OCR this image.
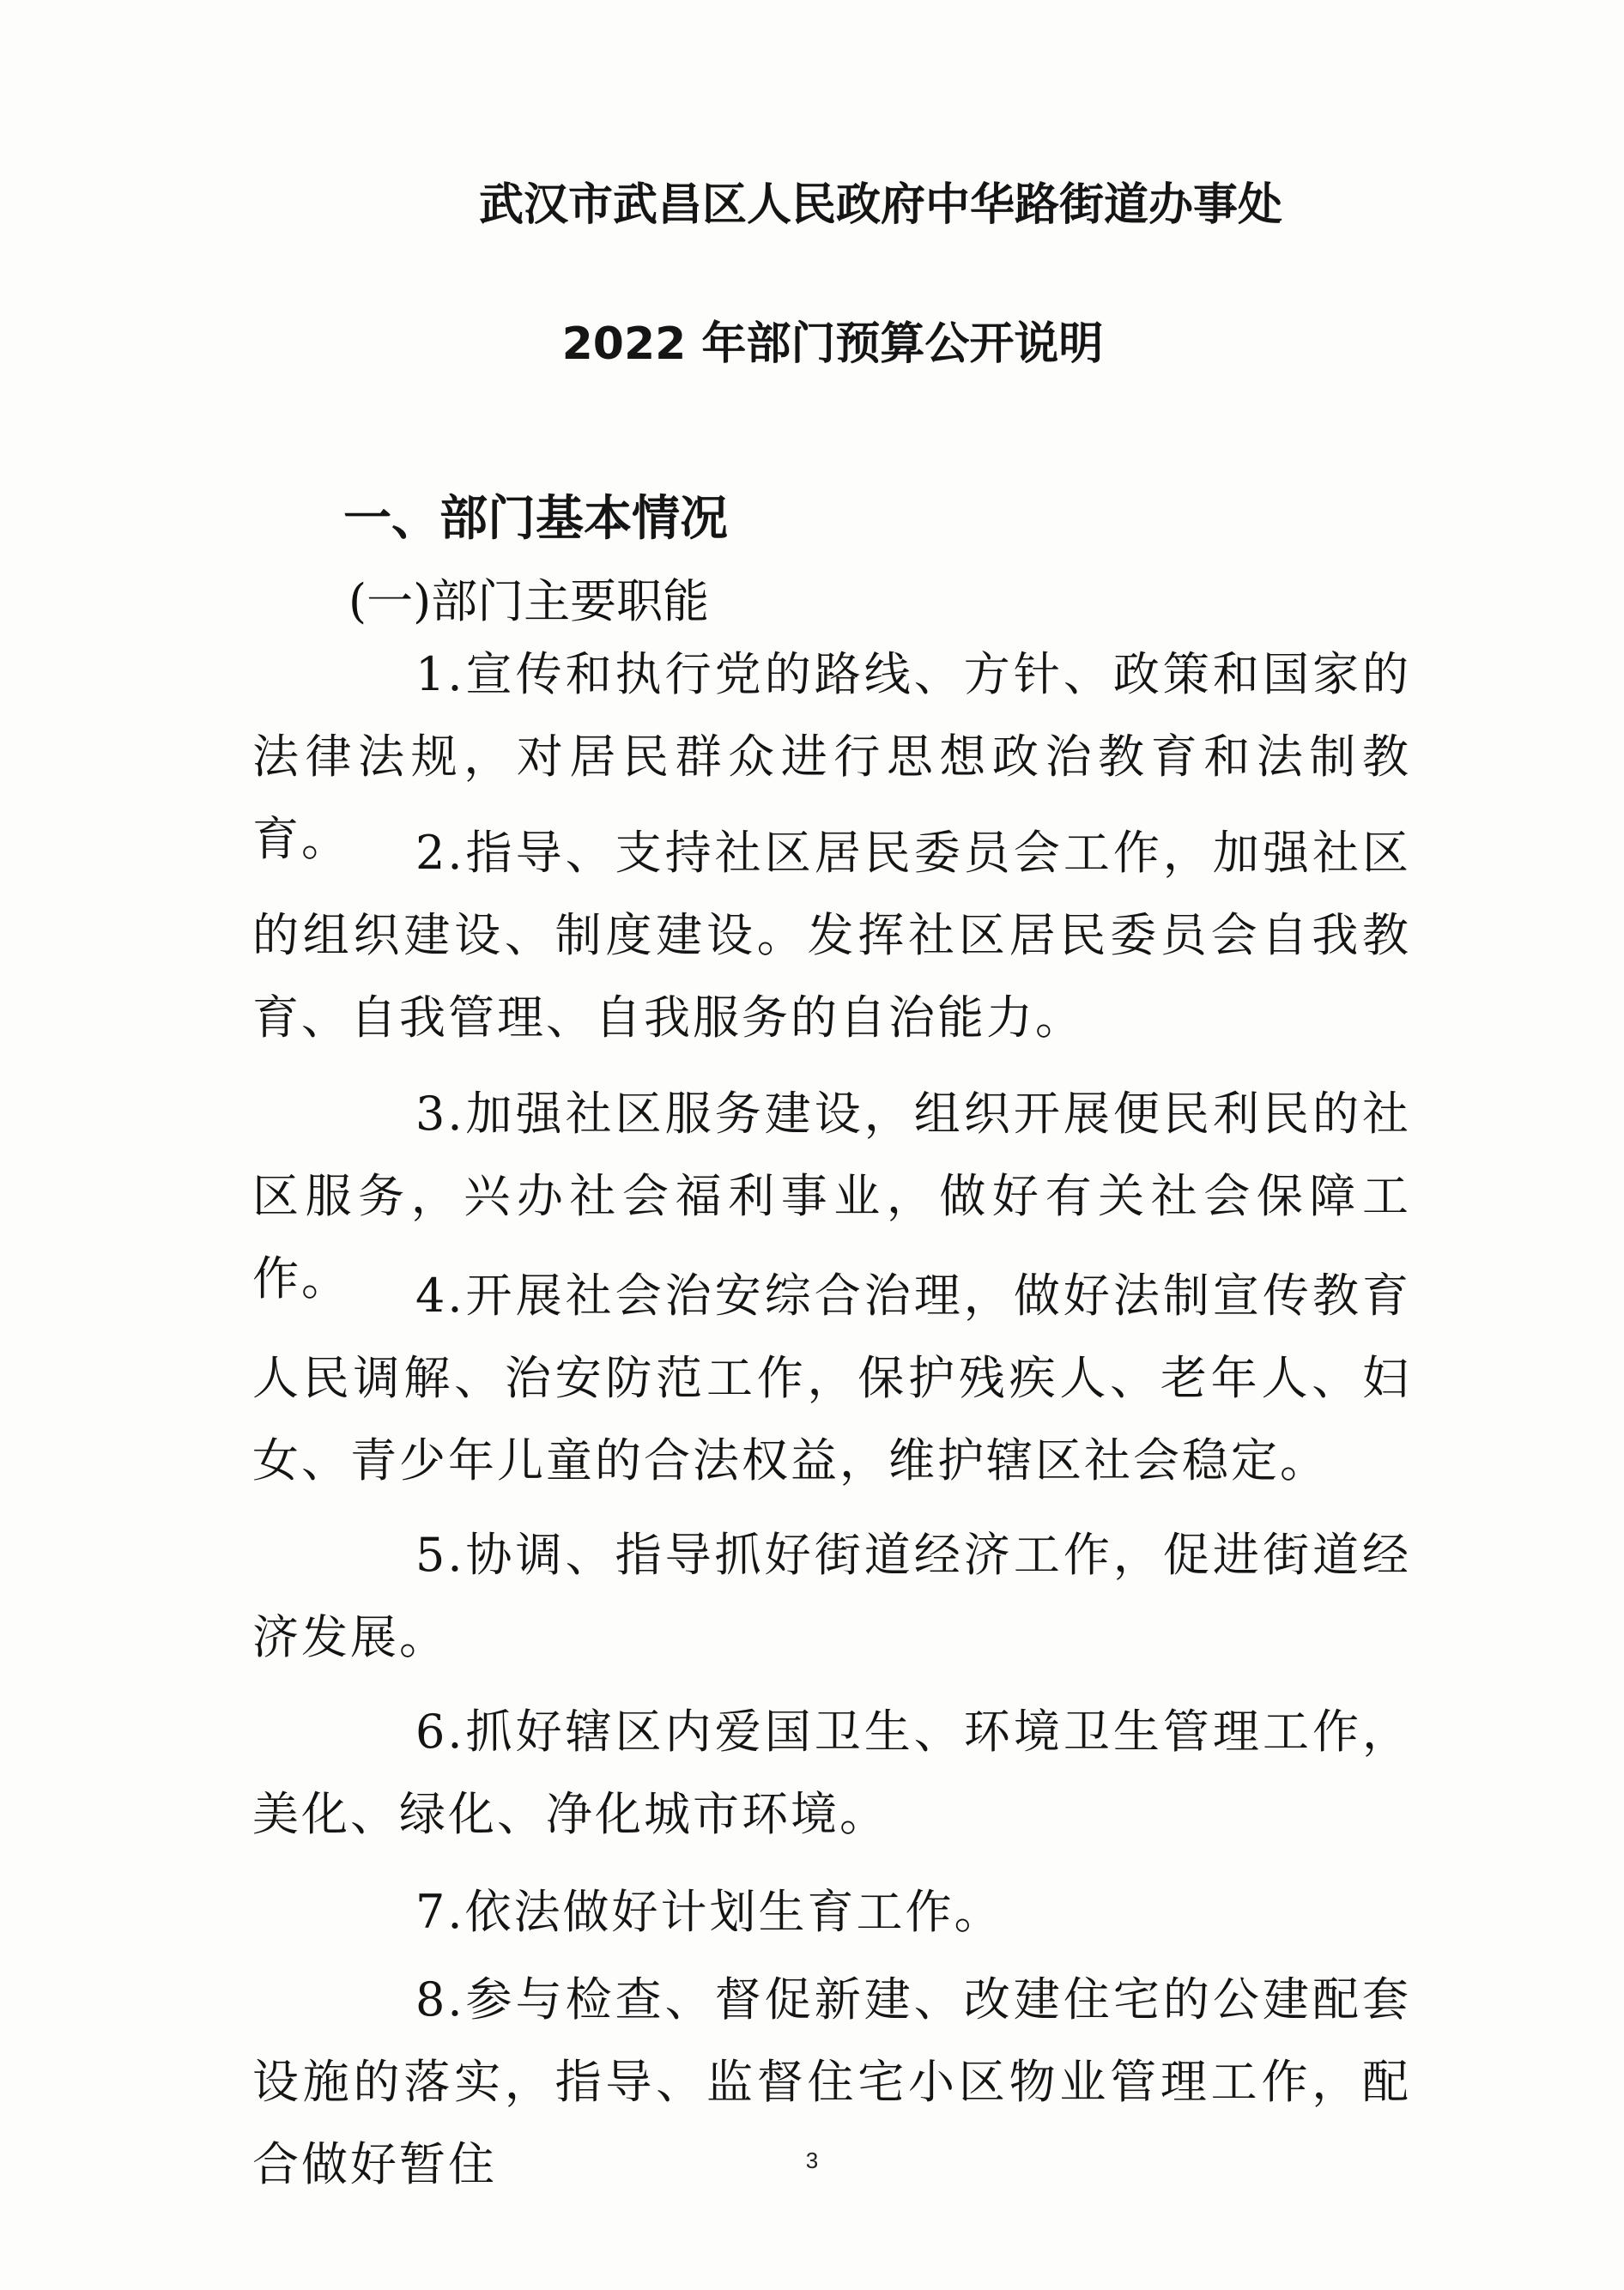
武汉市武昌区人民政府中华路街道办事处
2022 年部门预算公开说明
一、部门基本情况
(一)部门主要职能
1.宣传和执行党的路线、方针、政策和国家的法律法规，对居民群众进行思想政治教育和法制教育。	2.指导、支持社区居民委员会工作，加强社区的组织建设、制度建设。发挥社区居民委员会自我教育、自我管理、自我服务的自治能力。
3.加强社区服务建设，组织开展便民利民的社区服务，兴办社会福利事业，做好有关社会保障工作。	4.开展社会治安综合治理，做好法制宣传教育人民调解、治安防范工作，保护残疾人、老年人、妇女、青少年儿童的合法权益，维护辖区社会稳定。
5.协调、指导抓好街道经济工作，促进街道经济发展。
6.抓好辖区内爱国卫生、环境卫生管理工作，美化、绿化、净化城市环境。
7.依法做好计划生育工作。
8.参与检查、督促新建、改建住宅的公建配套设施的落实，指导、监督住宅小区物业管理工作，配合做好暂住	3
